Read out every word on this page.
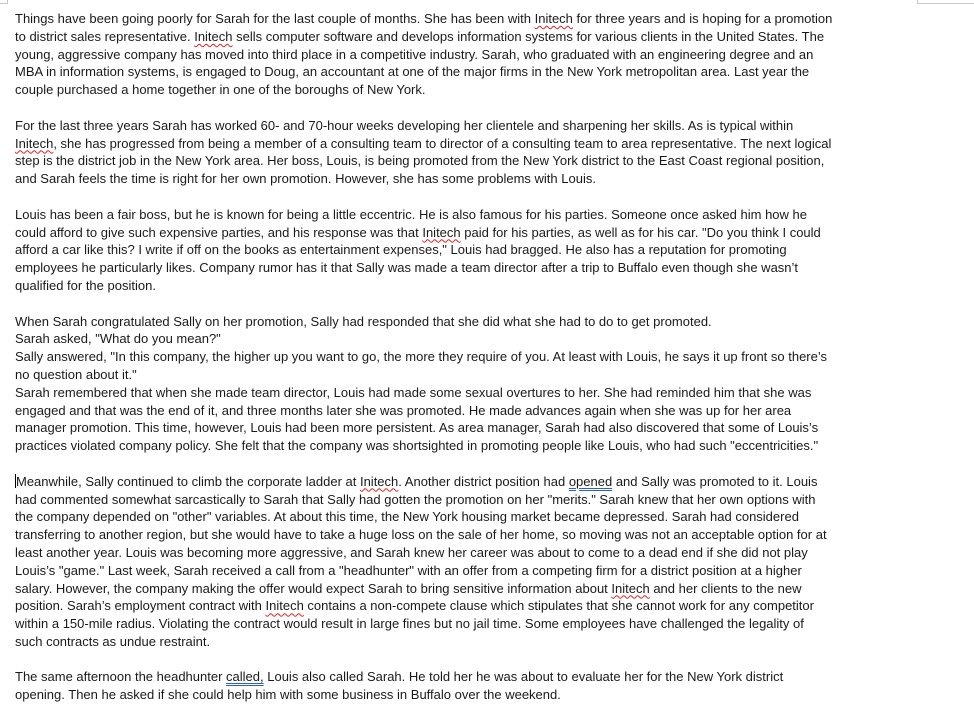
Things have been going poorly for Sarah for the last couple of months. She has been with Initech for three years and is hoping for a promotion
to district sales representative. Initech sells computer software and develops information systems for various clients in the United States. The
young, aggressive company has moved into third place in a competitive industry. Sarah, who graduated with an engineering degree and an
MBA in information systems, is engaged to Doug, an accountant at one of the major firms in the New York metropolitan area. Last year the
couple purchased a home together in one of the boroughs of New York.

For the last three years Sarah has worked 60- and 70-hour weeks developing her clientele and sharpening her skills. As is typical within
Initech, she has progressed from being a member of a consulting team to director of a consulting team to area representative. The next logical
step is the district job in the New York area. Her boss, Louis, is being promoted from the New York district to the East Coast regional position,
and Sarah feels the time is right for her own promotion. However, she has some problems with Louis.

Louis has been a fair boss, but he is known for being a little eccentric. He is also famous for his parties. Someone once asked him how he
could afford to give such expensive parties, and his response was that Initech paid for his parties, as well as for his car. "Do you think I could
afford a car like this? I write if off on the books as entertainment expenses," Louis had bragged. He also has a reputation for promoting
employees he particularly likes. Company rumor has it that Sally was made a team director after a trip to Buffalo even though she wasn’t
qualified for the position.

When Sarah congratulated Sally on her promotion, Sally had responded that she did what she had to do to get promoted.
Sarah asked, "What do you mean?"
Sally answered, "In this company, the higher up you want to go, the more they require of you. At least with Louis, he says it up front so there’s
no question about it."
Sarah remembered that when she made team director, Louis had made some sexual overtures to her. She had reminded him that she was
engaged and that was the end of it, and three months later she was promoted. He made advances again when she was up for her area
manager promotion. This time, however, Louis had been more persistent. As area manager, Sarah had also discovered that some of Louis’s
practices violated company policy. She felt that the company was shortsighted in promoting people like Louis, who had such "eccentricities."

Meanwhile, Sally continued to climb the corporate ladder at Initech. Another district position had opened and Sally was promoted to it. Louis
had commented somewhat sarcastically to Sarah that Sally had gotten the promotion on her "merits." Sarah knew that her own options with
the company depended on "other" variables. At about this time, the New York housing market became depressed. Sarah had considered
transferring to another region, but she would have to take a huge loss on the sale of her home, so moving was not an acceptable option for at
least another year. Louis was becoming more aggressive, and Sarah knew her career was about to come to a dead end if she did not play
Louis’s "game." Last week, Sarah received a call from a "headhunter" with an offer from a competing firm for a district position at a higher
salary. However, the company making the offer would expect Sarah to bring sensitive information about Initech and her clients to the new
position. Sarah’s employment contract with Initech contains a non-compete clause which stipulates that she cannot work for any competitor
within a 150-mile radius. Violating the contract would result in large fines but no jail time. Some employees have challenged the legality of
such contracts as undue restraint.

The same afternoon the headhunter called, Louis also called Sarah. He told her he was about to evaluate her for the New York district
opening. Then he asked if she could help him with some business in Buffalo over the weekend.
